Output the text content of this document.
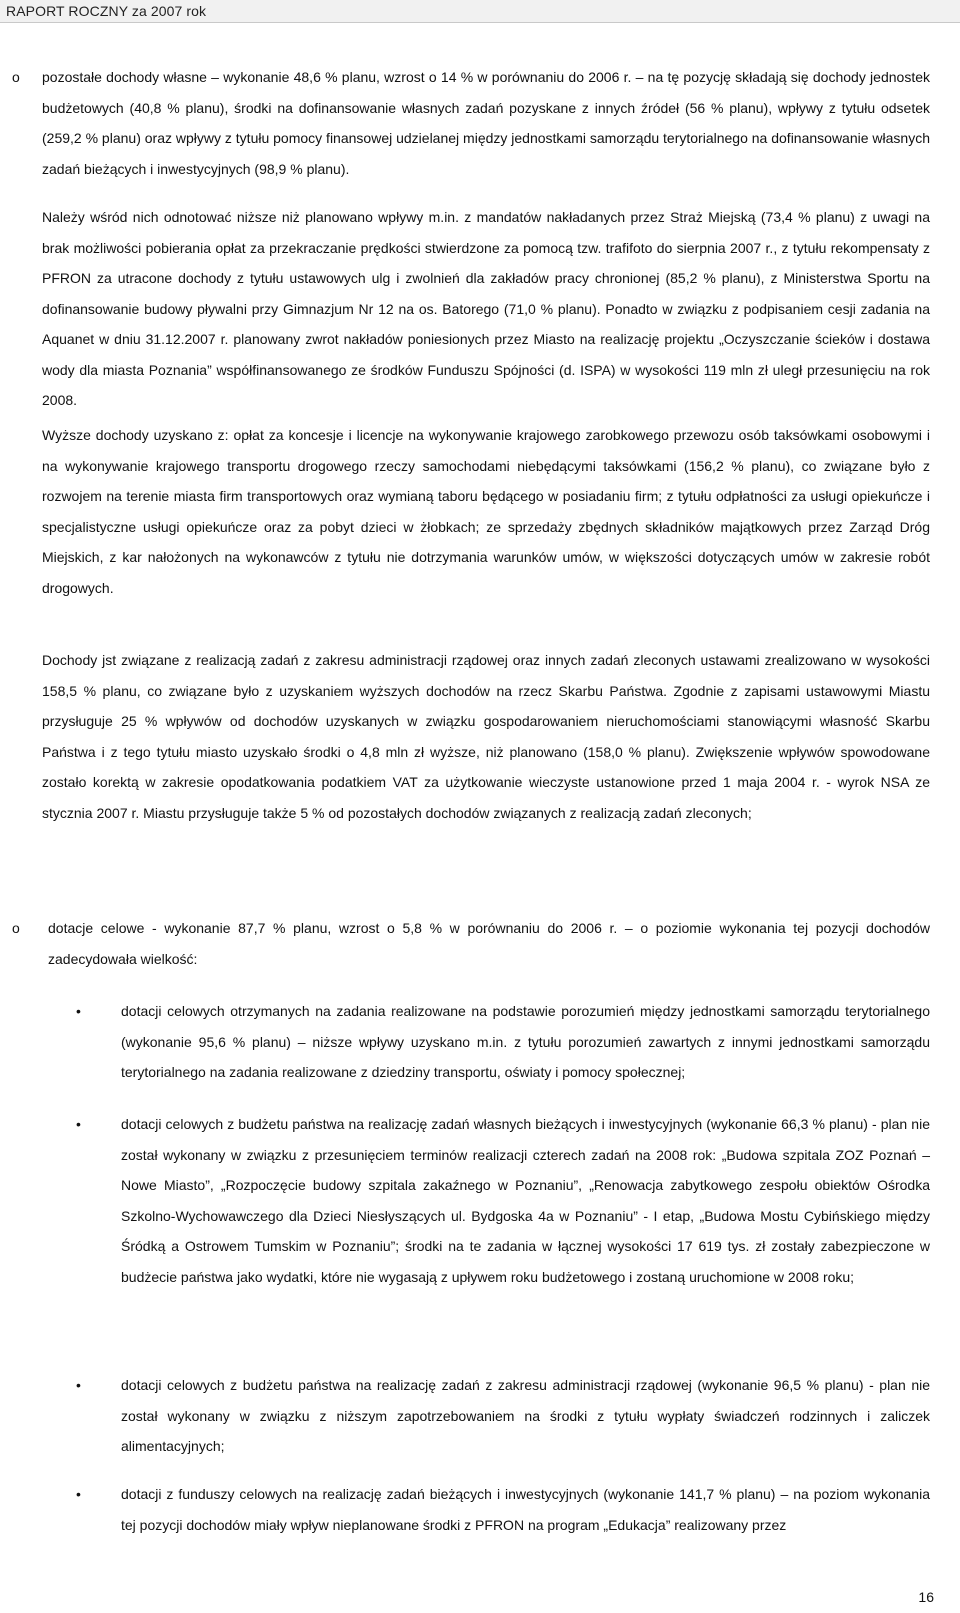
RAPORT ROCZNY za 2007 rok
o pozostałe dochody własne – wykonanie 48,6 % planu, wzrost o 14 % w porównaniu do 2006 r. – na tę pozycję składają się dochody jednostek budżetowych (40,8 % planu), środki na dofinansowanie własnych zadań pozyskane z innych źródeł (56 % planu), wpływy z tytułu odsetek (259,2 % planu) oraz wpływy z tytułu pomocy finansowej udzielanej między jednostkami samorządu terytorialnego na dofinansowanie własnych zadań bieżących i inwestycyjnych (98,9 % planu).

Należy wśród nich odnotować niższe niż planowano wpływy m.in. z mandatów nakładanych przez Straż Miejską (73,4 % planu) z uwagi na brak możliwości pobierania opłat za przekraczanie prędkości stwierdzone za pomocą tzw. trafifoto do sierpnia 2007 r., z tytułu rekompensaty z PFRON za utracone dochody z tytułu ustawowych ulg i zwolnień dla zakładów pracy chronionej (85,2 % planu), z Ministerstwa Sportu na dofinansowanie budowy pływalni przy Gimnazjum Nr 12 na os. Batorego (71,0 % planu). Ponadto w związku z podpisaniem cesji zadania na Aquanet w dniu 31.12.2007 r. planowany zwrot nakładów poniesionych przez Miasto na realizację projektu „Oczyszczanie ścieków i dostawa wody dla miasta Poznania” współfinansowanego ze środków Funduszu Spójności (d. ISPA) w wysokości 119 mln zł uległ przesunięciu na rok 2008.

Wyższe dochody uzyskano z: opłat za koncesje i licencje na wykonywanie krajowego zarobkowego przewozu osób taksówkami osobowymi i na wykonywanie krajowego transportu drogowego rzeczy samochodami niebędącymi taksówkami (156,2 % planu), co związane było z rozwojem na terenie miasta firm transportowych oraz wymianą taboru będącego w posiadaniu firm; z tytułu odpłatności za usługi opiekuńcze i specjalistyczne usługi opiekuńcze oraz za pobyt dzieci w żłobkach; ze sprzedaży zbędnych składników majątkowych przez Zarząd Dróg Miejskich, z kar nałożonych na wykonawców z tytułu nie dotrzymania warunków umów, w większości dotyczących umów w zakresie robót drogowych.

Dochody jst związane z realizacją zadań z zakresu administracji rządowej oraz innych zadań zleconych ustawami zrealizowano w wysokości 158,5 % planu, co związane było z uzyskaniem wyższych dochodów na rzecz Skarbu Państwa. Zgodnie z zapisami ustawowymi Miastu przysługuje 25 % wpływów od dochodów uzyskanych w związku gospodarowaniem nieruchomościami stanowiącymi własność Skarbu Państwa i z tego tytułu miasto uzyskało środki o 4,8 mln zł wyższe, niż planowano (158,0 % planu). Zwiększenie wpływów spowodowane zostało korektą w zakresie opodatkowania podatkiem VAT za użytkowanie wieczyste ustanowione przed 1 maja 2004 r. - wyrok NSA ze stycznia 2007 r. Miastu przysługuje także 5 % od pozostałych dochodów związanych z realizacją zadań zleconych;

o dotacje celowe - wykonanie 87,7 % planu, wzrost o 5,8 % w porównaniu do 2006 r. – o poziomie wykonania tej pozycji dochodów zadecydowała wielkość:

•	dotacji celowych otrzymanych na zadania realizowane na podstawie porozumień między jednostkami samorządu terytorialnego (wykonanie 95,6 % planu) – niższe wpływy uzyskano m.in. z tytułu porozumień zawartych z innymi jednostkami samorządu terytorialnego na zadania realizowane z dziedziny transportu, oświaty i pomocy społecznej;

•	dotacji celowych z budżetu państwa na realizację zadań własnych bieżących i inwestycyjnych (wykonanie 66,3 % planu) - plan nie został wykonany w związku z przesunięciem terminów realizacji czterech zadań na 2008 rok: „Budowa szpitala ZOZ Poznań – Nowe Miasto”, „Rozpoczęcie budowy szpitala zakaźnego w Poznaniu”, „Renowacja zabytkowego zespołu obiektów Ośrodka Szkolno-Wychowawczego dla Dzieci Niesłyszących ul. Bydgoska 4a w Poznaniu” - I etap, „Budowa Mostu Cybińskiego między Śródką a Ostrowem Tumskim w Poznaniu”; środki na te zadania w łącznej wysokości 17 619 tys. zł zostały zabezpieczone w budżecie państwa jako wydatki, które nie wygasają z upływem roku budżetowego i zostaną uruchomione w 2008 roku;

•	dotacji celowych z budżetu państwa na realizację zadań z zakresu administracji rządowej (wykonanie 96,5 % planu) - plan nie został wykonany w związku z niższym zapotrzebowaniem na środki z tytułu wypłaty świadczeń rodzinnych i zaliczek alimentacyjnych;

•	dotacji z funduszy celowych na realizację zadań bieżących i inwestycyjnych (wykonanie 141,7 % planu) – na poziom wykonania tej pozycji dochodów miały wpływ nieplanowane środki z PFRON na program „Edukacja” realizowany przez

16
